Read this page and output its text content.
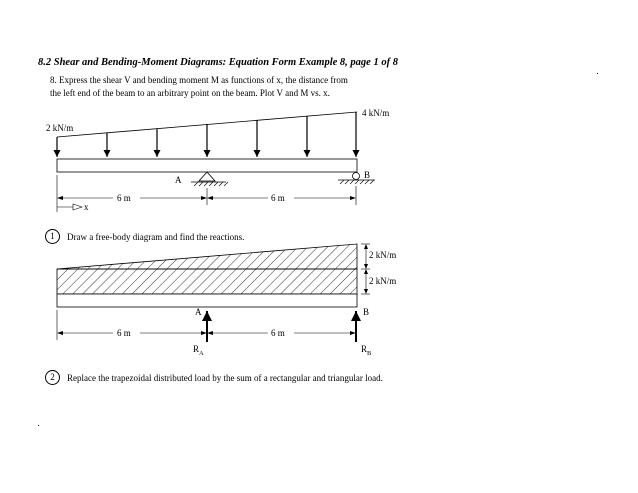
8.2 Shear and Bending-Moment Diagrams: Equation Form Example 8, page 1 of 8
8. Express the shear V and bending moment M as functions of x, the distance from
the left end of the beam to an arbitrary point on the beam. Plot V and M vs. x.
2 kN/m
4 kN/m
A	B
6 m	6 m
x
2 kN/m
2 kN/m
A	B
$R_A$	$R_B$
6 m	6 m
1	Draw a free-body diagram and find the reactions.
2	Replace the trapezoidal distributed load by the sum of a rectangular and triangular load.
